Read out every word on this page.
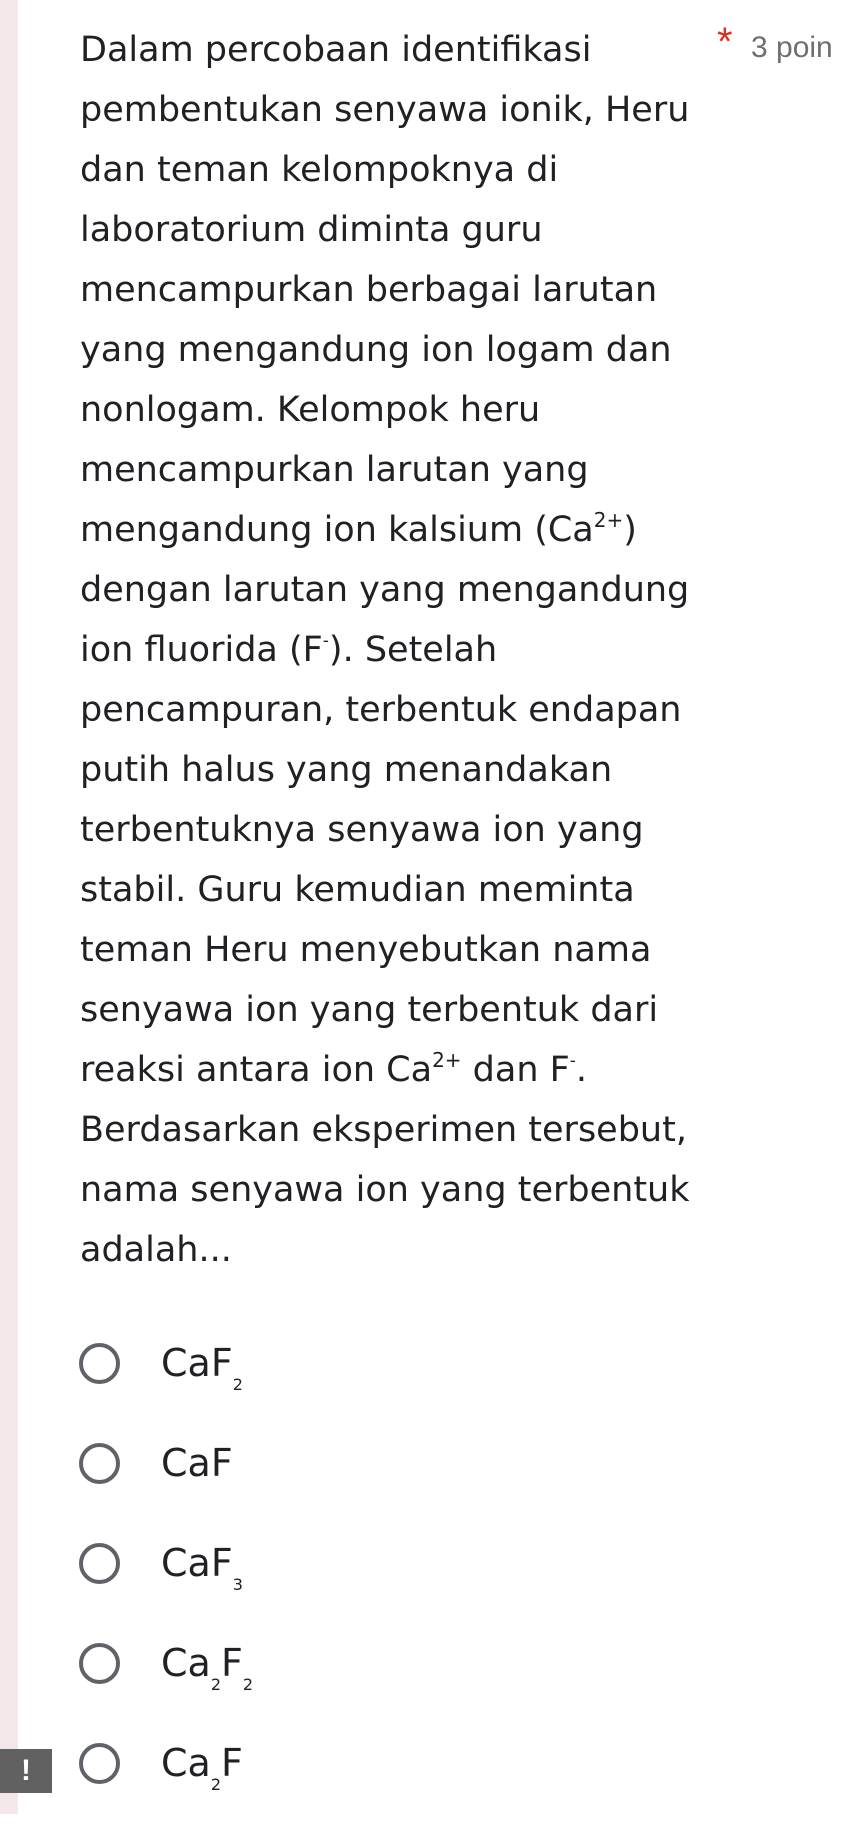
* 3 poin
Dalam percobaan identifikasi
pembentukan senyawa ionik, Heru
dan teman kelompoknya di
laboratorium diminta guru
mencampurkan berbagai larutan
yang mengandung ion logam dan
nonlogam. Kelompok heru
mencampurkan larutan yang
mengandung ion kalsium $(Ca^{2+})$
dengan larutan yang mengandung
ion fluorida (F-). Setelah
pencampuran, terbentuk endapan
putih halus yang menandakan
terbentuknya senyawa ion yang
stabil. Guru kemudian meminta
teman Heru menyebutkan nama
senyawa ion yang terbentuk dari
reaksi antara ion $Ca^{2+}$ dan F-.
Berdasarkan eksperimen tersebut,
nama senyawa ion yang terbentuk
adalah...
CaF$_2$
CaF
CaF$_3$
$Ca_2F_2$
$Ca_2F$
!
